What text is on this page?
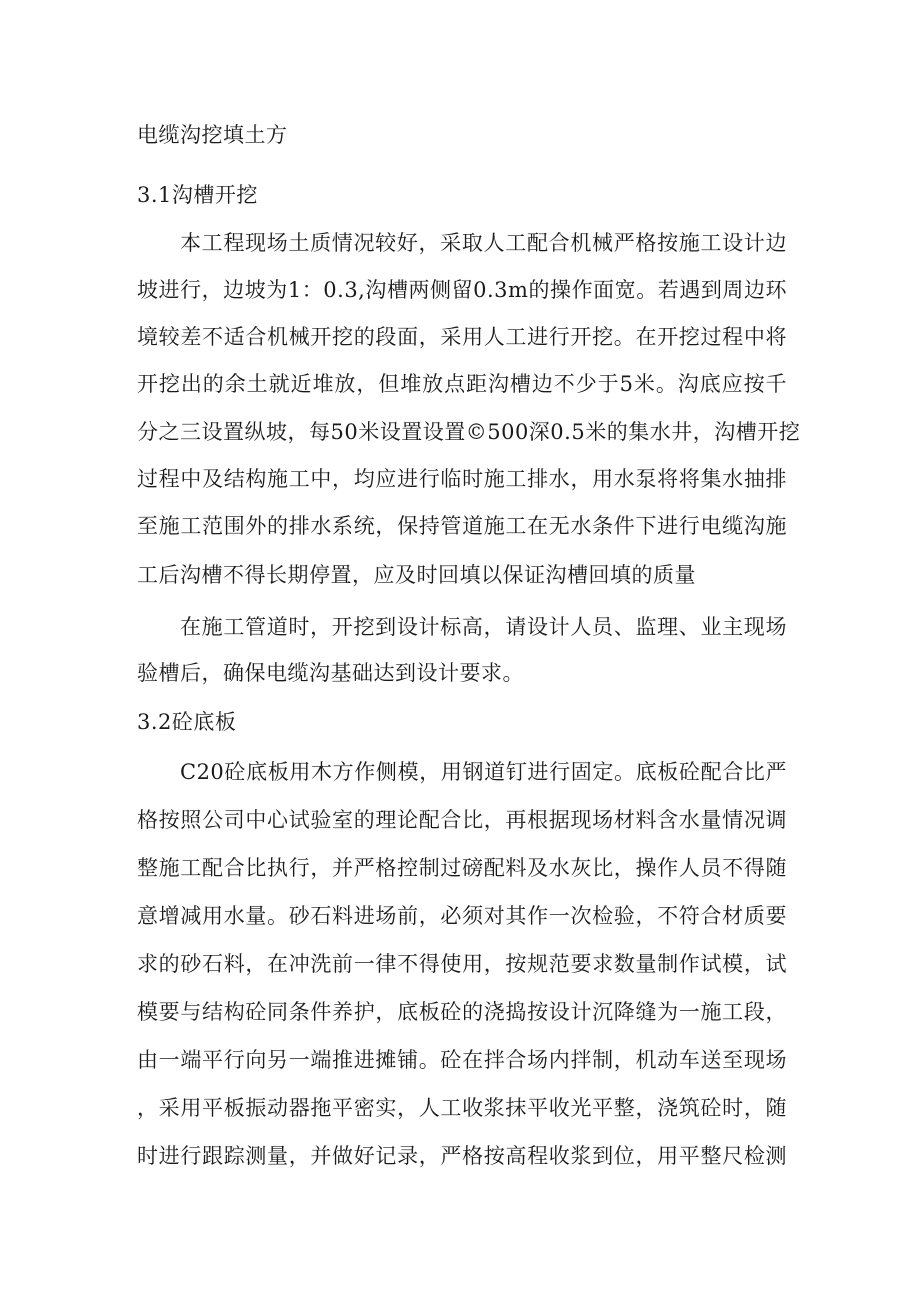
电缆沟挖填土方
3.1沟槽开挖
本工程现场土质情况较好，采取人工配合机械严格按施工设计边
坡进行，边坡为1：0.3,沟槽两侧留0.3m的操作面宽。若遇到周边环
境较差不适合机械开挖的段面，采用人工进行开挖。在开挖过程中将
开挖出的余土就近堆放，但堆放点距沟槽边不少于5米。沟底应按千
分之三设置纵坡，每50米设置设置©500深0.5米的集水井，沟槽开挖
过程中及结构施工中，均应进行临时施工排水，用水泵将将集水抽排
至施工范围外的排水系统，保持管道施工在无水条件下进行电缆沟施
工后沟槽不得长期停置，应及时回填以保证沟槽回填的质量
在施工管道时，开挖到设计标高，请设计人员、监理、业主现场
验槽后，确保电缆沟基础达到设计要求。
3.2砼底板
C20砼底板用木方作侧模，用钢道钉进行固定。底板砼配合比严
格按照公司中心试验室的理论配合比，再根据现场材料含水量情况调
整施工配合比执行，并严格控制过磅配料及水灰比，操作人员不得随
意增减用水量。砂石料进场前，必须对其作一次检验，不符合材质要
求的砂石料，在冲洗前一律不得使用，按规范要求数量制作试模，试
模要与结构砼同条件养护，底板砼的浇捣按设计沉降缝为一施工段，
由一端平行向另一端推进摊铺。砼在拌合场内拌制，机动车送至现场
，采用平板振动器拖平密实，人工收浆抹平收光平整，浇筑砼时，随
时进行跟踪测量，并做好记录，严格按高程收浆到位，用平整尺检测
